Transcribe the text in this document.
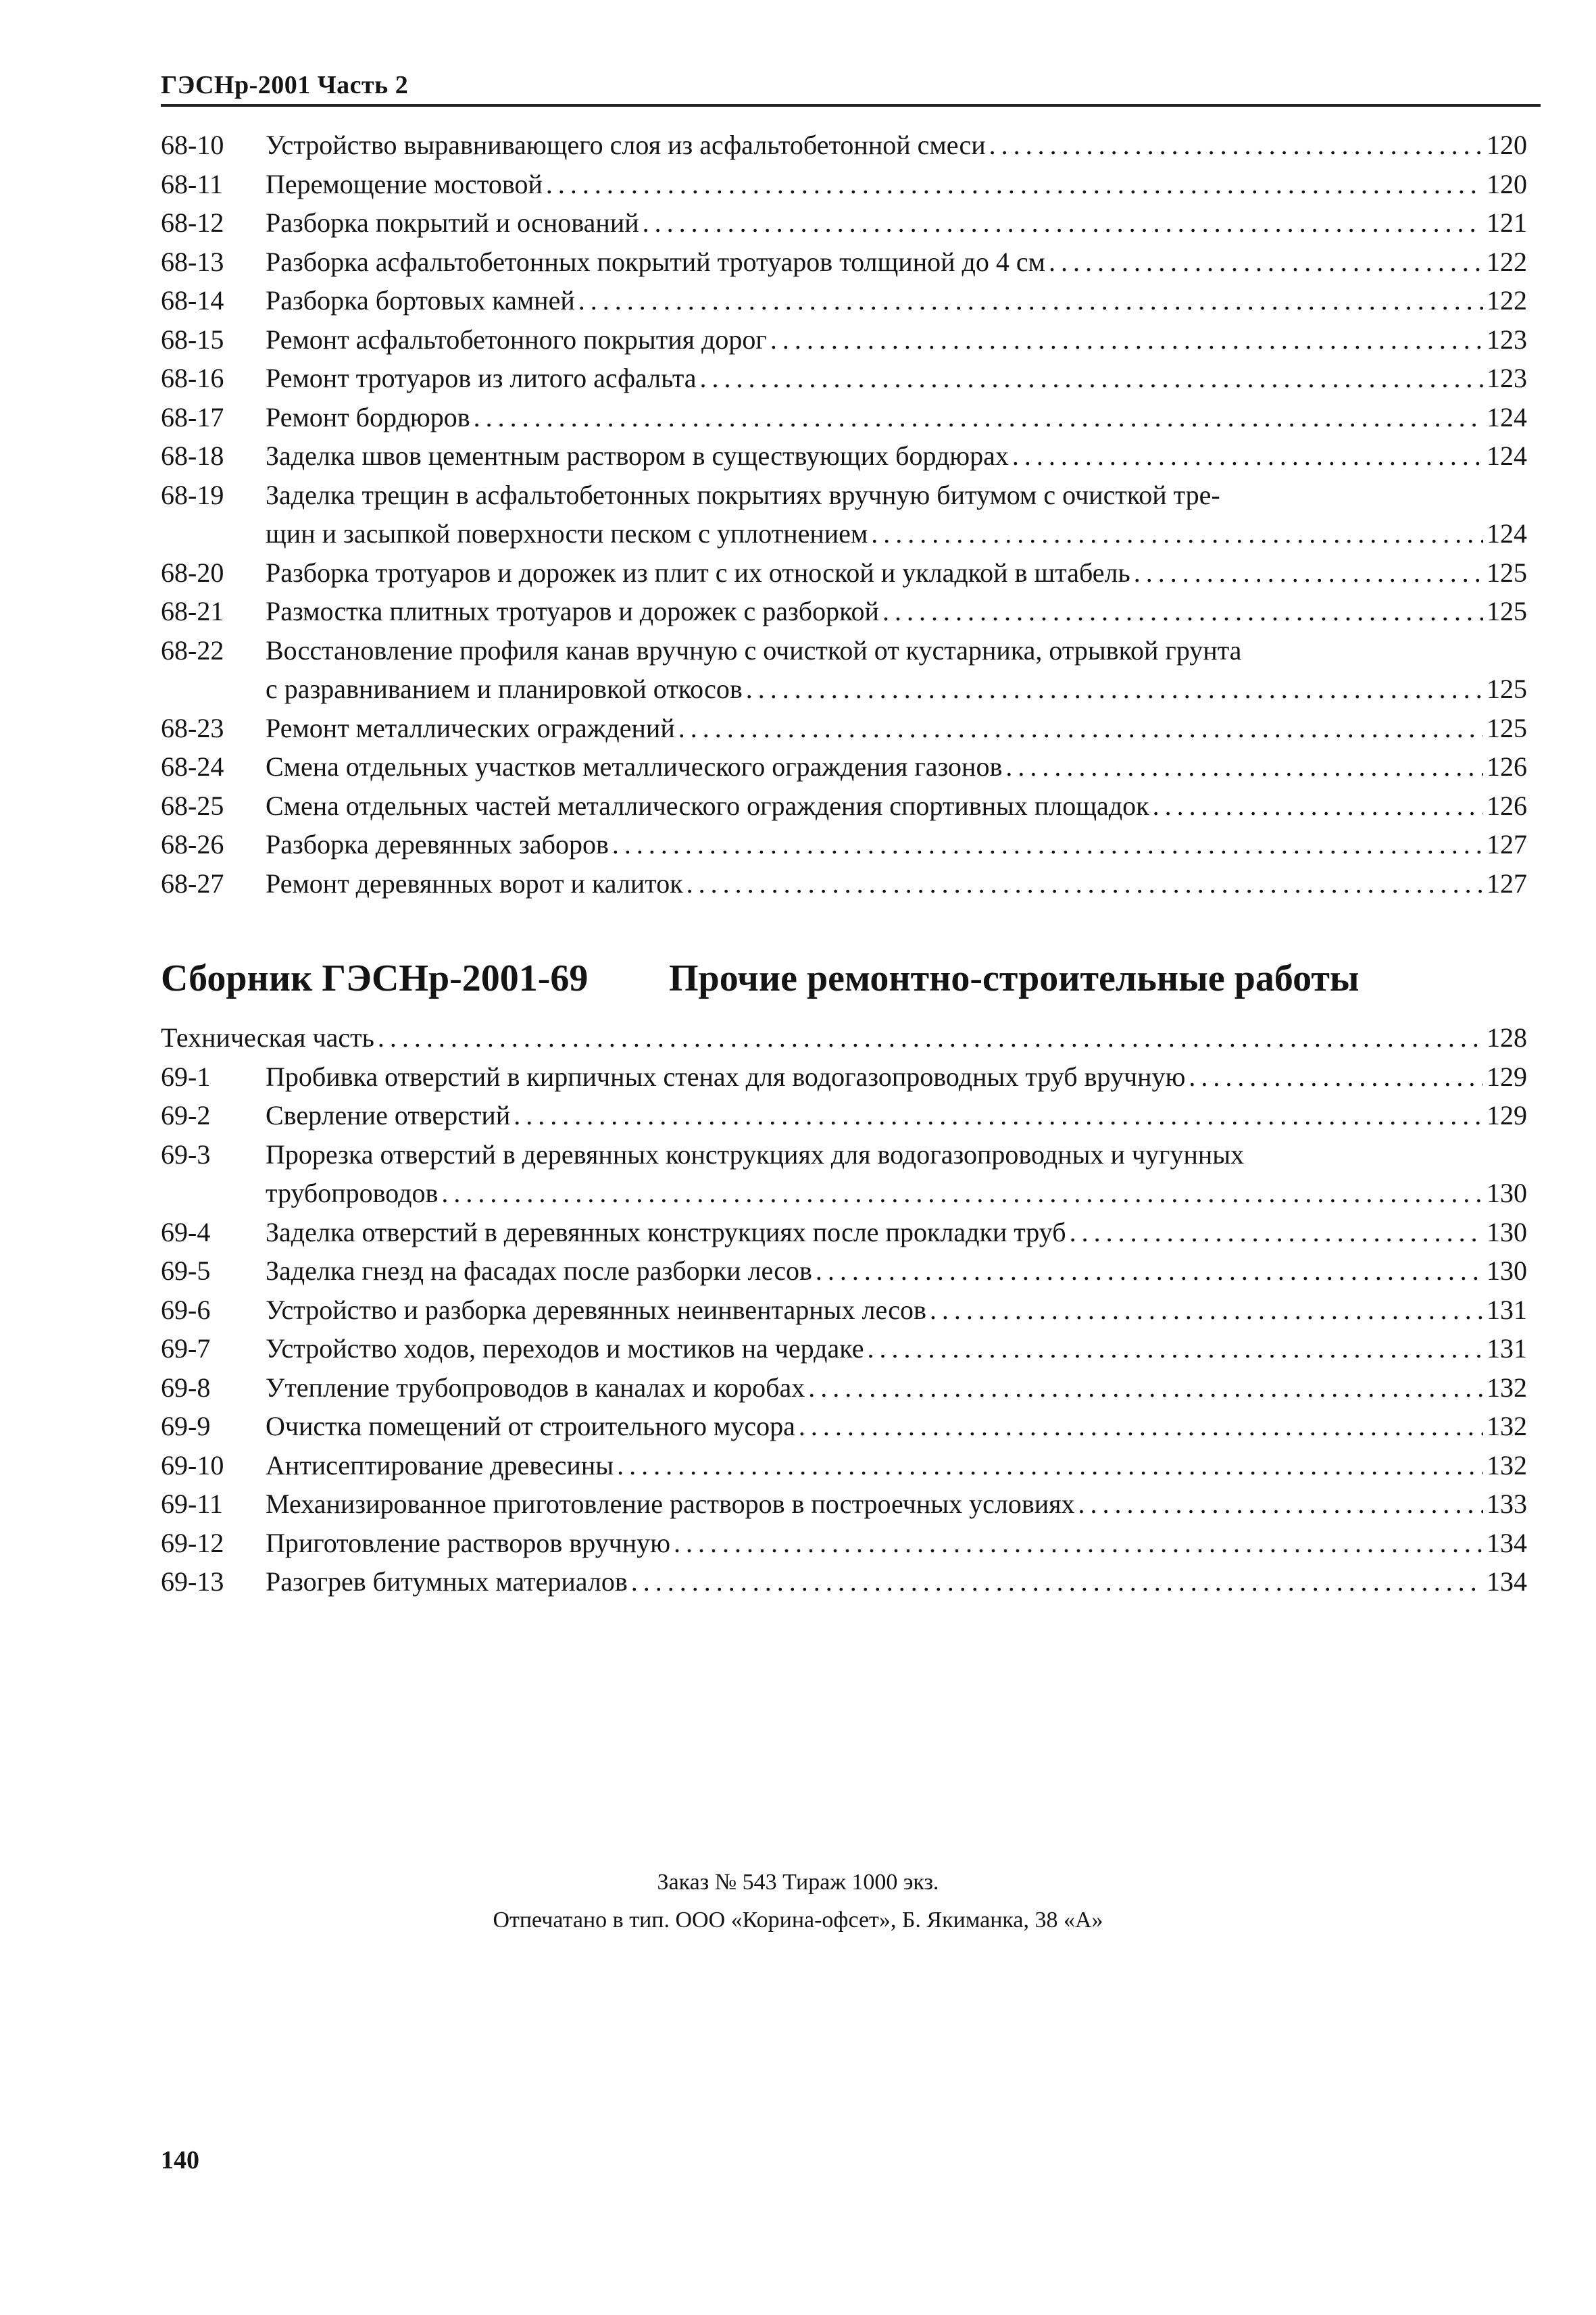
ГЭСНр-2001 Часть 2
68-10	Устройство выравнивающего слоя из асфальтобетонной смеси . . .	120
68-11	Перемощение мостовой . . .	120
68-12	Разборка покрытий и оснований . . .	121
68-13	Разборка асфальтобетонных покрытий тротуаров толщиной до 4 см . . .	122
68-14	Разборка бортовых камней . . .	122
68-15	Ремонт асфальтобетонного покрытия дорог . . .	123
68-16	Ремонт тротуаров из литого асфальта . . .	123
68-17	Ремонт бордюров . . .	124
68-18	Заделка швов цементным раствором в существующих бордюрах . . .	124
68-19	Заделка трещин в асфальтобетонных покрытиях вручную битумом с очисткой тре-
щин и засыпкой поверхности песком с уплотнением . . .	124
68-20	Разборка тротуаров и дорожек из плит с их отноской и укладкой в штабель . . .	125
68-21	Размостка плитных тротуаров и дорожек с разборкой . . .	125
68-22	Восстановление профиля канав вручную с очисткой от кустарника, отрывкой грунта
с разравниванием и планировкой откосов . . .	125
68-23	Ремонт металлических ограждений . . .	125
68-24	Смена отдельных участков металлического ограждения газонов . . .	126
68-25	Смена отдельных частей металлического ограждения спортивных площадок . . .	126
68-26	Разборка деревянных заборов . . .	127
68-27	Ремонт деревянных ворот и калиток . . .	127
Сборник ГЭСНр-2001-69 Прочие ремонтно-строительные работы
Техническая часть . . .	128
69-1	Пробивка отверстий в кирпичных стенах для водогазопроводных труб вручную . . .	129
69-2	Сверление отверстий . . .	129
69-3	Прорезка отверстий в деревянных конструкциях для водогазопроводных и чугунных
трубопроводов . . .	130
69-4	Заделка отверстий в деревянных конструкциях после прокладки труб . . .	130
69-5	Заделка гнезд на фасадах после разборки лесов . . .	130
69-6	Устройство и разборка деревянных неинвентарных лесов . . .	131
69-7	Устройство ходов, переходов и мостиков на чердаке . . .	131
69-8	Утепление трубопроводов в каналах и коробах . . .	132
69-9	Очистка помещений от строительного мусора . . .	132
69-10	Антисептирование древесины . . .	132
69-11	Механизированное приготовление растворов в построечных условиях . . .	133
69-12	Приготовление растворов вручную . . .	134
69-13	Разогрев битумных материалов . . .	134
Заказ № 543 Тираж 1000 экз.
Отпечатано в тип. ООО «Корина-офсет», Б. Якиманка, 38 «А»
140
